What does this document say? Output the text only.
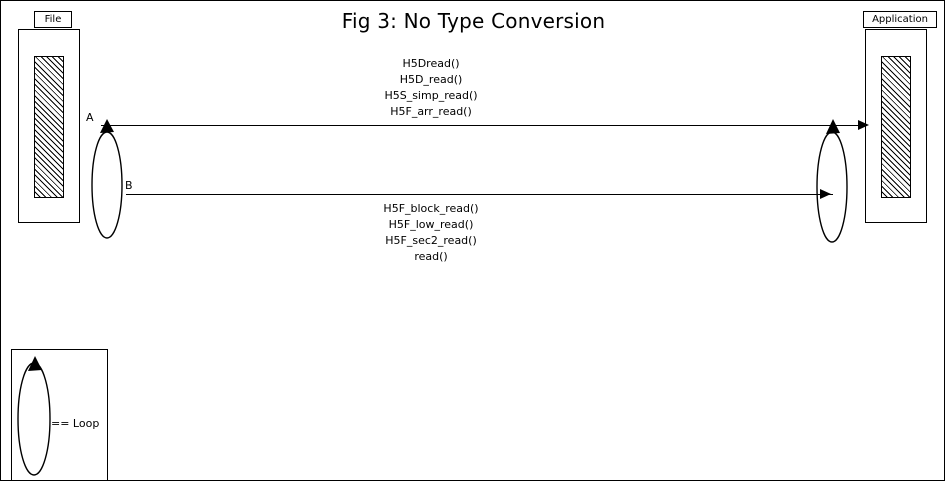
Fig 3: No Type Conversion
File	Application
A
H5Dread()
H5D_read()
H5S_simp_read()
H5F_arr_read()
B
H5F_block_read()
H5F_low_read()
H5F_sec2_read()
read()
== Loop
